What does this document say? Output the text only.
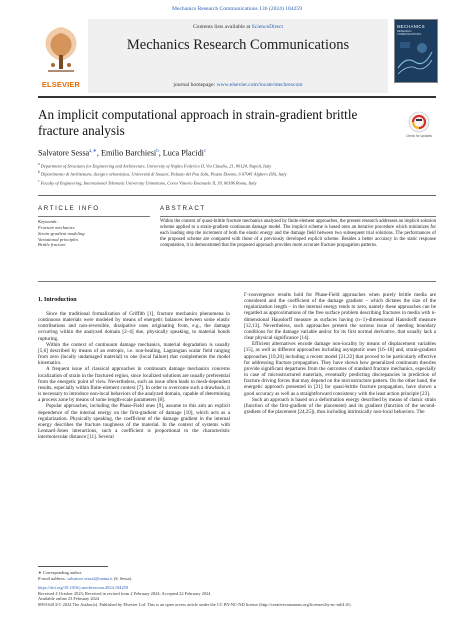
Mechanics Research Communications 136 (2024) 104259
ELSEVIER
Contents lists available at ScienceDirect
Mechanics Research Communications
journal homepage: www.elsevier.com/locate/mechrescom
MECHANICS
RESEARCH COMMUNICATIONS
An implicit computational approach in strain-gradient brittle fracture analysis	Check for updates
Salvatore Sessa$^{a,∗}$, Emilio Barchiesi$^b$, Luca Placidi$^c$
$^a$ Department of Structures for Engineering and Architecture, University of Naples Federico II, Via Claudio, 21, 80124, Napoli, Italy
$^b$ Dipartimento di Architettura, design e urbanistica, Università di Sassari, Palazzo del Pou Salit, Piazza Duomo, 6 07041 Alghero (SS), Italy
$^c$ Faculty of Engineering, International Telematic University Uninettuno, Corso Vittorio Emanuele II, 39, 00186 Roma, Italy
ARTICLE INFO
Keywords:
Fracture mechanics
Strain-gradient modeling
Variational principles
Brittle fracture
ABSTRACT
Within the context of quasi-brittle fracture mechanics analyzed by finite element approaches, the present research addresses an implicit solution scheme applied to a strain-gradient continuum damage model. The implicit scheme is based onto an iterative procedure which minimizes for each loading step the increment of both the elastic energy and the damage field between two subsequent trial solutions. The performances of the proposed scheme are compared with those of a previously developed explicit scheme. Besides a better accuracy in the static response computation, it is demonstrated that the proposed approach provides more accurate fracture propagation patterns.
1. Introduction

Since the traditional formalization of Griffith [1], fracture mechanics phenomena in continuous materials were modeled by means of energetic balances between some elastic contributions and non-reversible, dissipative ones originating from, e.g., the damage occurring within the analyzed domain [2–4] due, physically speaking, to material bonds rupturing.

Within the context of continuum damage mechanics, material degradation is usually [5,6] described by means of an entropic, i.e. non-healing, Lagrangian scalar field ranging from zero (locally undamaged material) to one (local failure) that complements the model kinematics.

A frequent issue of classical approaches in continuum damage mechanics concerns localization of strain in the fractured region, since localized solutions are usually preferential from the energetic point of view. Nevertheless, such an issue often leads to mesh-dependent results, especially within finite-element context [7]. In order to overcome such a drawback, it is necessary to introduce non-local behaviors of the analyzed domain, capable of determining a process zone by means of some length-scale parameters [8].

Popular approaches, including the Phase-Field ones [9], assume to this aim an explicit dependence of the internal energy on the first-gradient of damage [10], which acts as a regularization. Physically speaking, the coefficient of the damage gradient in the internal energy describes the fracture toughness of the material. In the context of systems with Lennard-Jones interactions, such a coefficient is proportional to the characteristic intermolecular distance [11]. Several

Γ-convergence results hold for Phase-Field approaches when purely brittle media are considered and the coefficient of the damage gradient – which dictates the size of the regularization length – in the internal energy tends to zero, namely these approaches can be regarded as approximations of the free surface problem describing fractures in media with n-dimensional Hausdorff measure as surfaces having (n−1)-dimensional Hausdorff measure [12,13]. Nevertheless, such approaches present the serious issue of needing boundary conditions for the damage variable and/or for its first normal derivative, that usually lack a clear physical significance [14].

Efficient alternatives encode damage non-locality by means of displacement variables [15], as well as different approaches including asymptotic ones [16–18] and, strain-gradient approaches [19,20] including a recent model [21,22] that proved to be particularly effective for addressing fracture propagation. They have shown how generalized continuum theories provide significant departures from the outcomes of standard fracture mechanics, especially in case of microstructured materials, eventually predicting discrepancies in prediction of fracture driving forces that may depend on the microstructure pattern. On the other hand, the energetic approach presented in [21] for quasi-brittle fracture propagation, have shown a good accuracy as well as a straightforward consistency with the least action principle [23].

Such an approach is based on a deformation energy described by means of classic strain (function of the first-gradient of the placement) and its gradient (function of the second-gradient of the placement [24,25]), thus including intrinsically non-local behaviors. The

∗ Corresponding author.
E-mail address: salvatore.sessa2@unina.it (S. Sessa).
https://doi.org/10.1016/j.mechrescom.2024.104259
Received 4 October 2023; Received in revised form 2 February 2024; Accepted 22 February 2024
Available online 23 February 2024
0093-6413/© 2024 The Author(s). Published by Elsevier Ltd. This is an open access article under the CC BY-NC-ND license (http://creativecommons.org/licenses/by-nc-nd/4.0/).
